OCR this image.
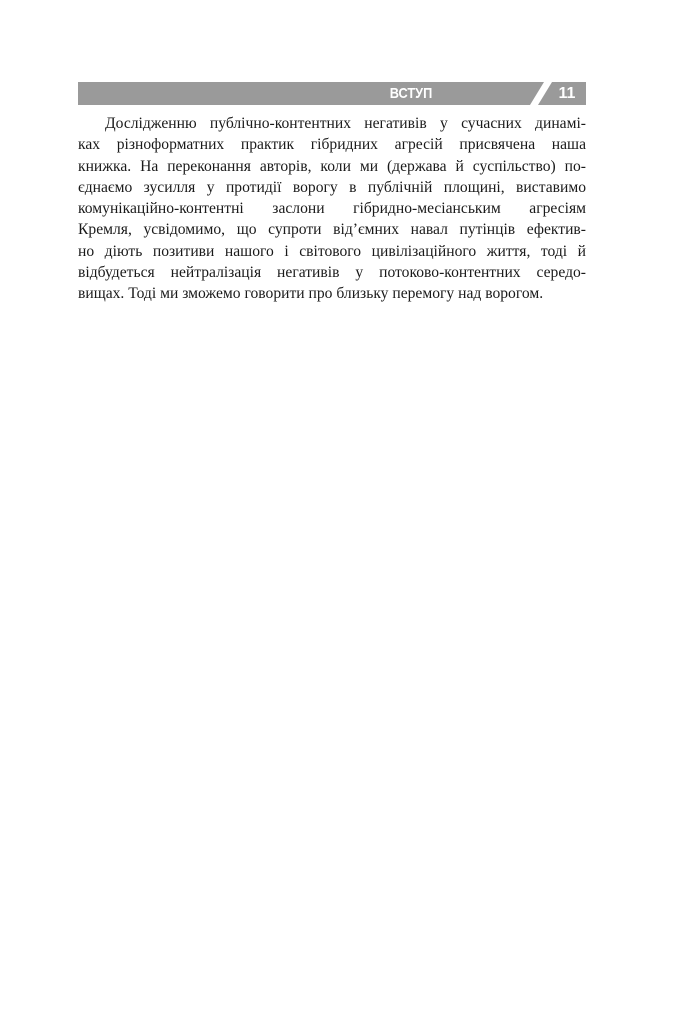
ВСТУП	11
Дослідженню публічно-контентних негативів у сучасних динамі-
ках різноформатних практик гібридних агресій присвячена наша
книжка. На переконання авторів, коли ми (держава й суспільство) по-
єднаємо зусилля у протидії ворогу в публічній площині, виставимо
комунікаційно-контентні заслони гібридно-месіанським агресіям
Кремля, усвідомимо, що супроти від’ємних навал путінців ефектив-
но діють позитиви нашого і світового цивілізаційного життя, тоді й
відбудеться нейтралізація негативів у потоково-контентних середо-
вищах. Тоді ми зможемо говорити про близьку перемогу над ворогом.
